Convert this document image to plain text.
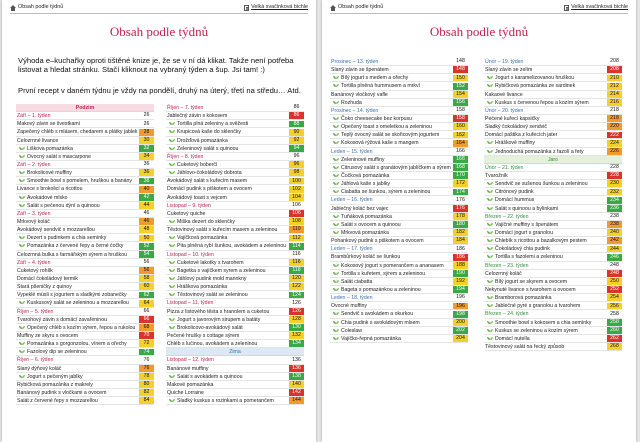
Obsah podle týdnů	Velká svačinková bichle
Obsah podle týdnů

Výhoda e–kuchařky oproti tištěné knize je, že se v ní dá klikat. Takže není potřeba listovat a hledat stránku. Stačí kliknout na vybraný týden a šup. Jsi tam! :)

První recept v daném týdnu je vždy na pondělí, druhý na úterý, třetí na středu… Atd.

Podzim
Září – 1. týden	26
Makový závin se švestkami	26
Zapečený chléb s mlásem, chedarem a plátky jablek	28
Celozrnné livance	30
Liškova pomazánka	32
Ovocný salát s mascarpone	34
Září – 2. týden	36
Brokolicové muffiny	36
Smoothie bowl s pomelem, hruškou a banány	38
Livance s brokolicí a ricottou	40
Avokádové mlsko	42
Salát s pečenou dýní a quinoou	44
Září – 3. týden	46
Mrkvový koláč	46
Avokádový sendvič s mozzarellou	48
Dezert s pudinkem a chia semínky	50
Pomazánka z červené řepy a černé čočky	52
Celozrnná bulka s farmářským sýrem a hruškou	54
Září – 4. týden	56
Cuketový rohlík	56
Domácí čokoládový termik	58
Stará pšeničky z quinoy	60
Vypeklé müsli s jogurtem a sladkými zobanečky	62
Kuskusový salát se zeleninou a mozzarellou	64
Říjen – 5. týden	66
Tvarohový závin s domácí zavařeninou	66
Opečený chléb s kozím sýrem, řepou a rukolou	68
Muffiny ze skyru s ovocem	70
Pomazánka s gorgonzolou, vínem a ořechy	72
Fazolový dip se zeleninou	74
Říjen – 6. týden	76
Slaný dýňový koláč	76
Jogurt s pečeným jablky	78
Rybičková pomazánka z makrely	80
Banánový pudink s vločkami a ovocem	82
Salát z červené řepy s mozzarellou	84
Říjen – 7. týden	86
Jablečný závin s kokosem	86
Tortilla plná zeleniny a svěžesti	88
Krupicová kaše do sklenčky	90
Drožďová pomazánka	92
Zeleninový salát s quinoou	94
Říjen – 8. týden	96
Cuketový boberčí	96
Jáhlovo-čokoládový dobrota	98
Avokádový salát s kuřecím masem	100
Domácí pudink s piškotem a ovocem	102
Avokádový toast s vejcem	104
Listopad – 9. týden	106
Cuketový quiche	106
Miška dezert do sklenčky	108
Těstovinový salát s kuřecím masem a zeleninou	110
Vajíčková pomazánka	112
Pita plněná rybí šunkou, avokádem a zeleninou	114
Listopad – 10. týden	116
Cuketové lakotky s tvarohem	116
Bagetka s vajíčkem syrem a zeleninou	118
Jáhlový pudink mold mannkny	120
Hráškova pomazánka	122
Těstovinový salát se zeleninou	124
Listopad – 11. týden	126
Pizza z listového těsta s hranolem a cuketou	126
Jogurt s javorovým sirupem a batáty	128
Brokolicovo-avokádový salát	130
Pečené hrušky s cottage sýrem	132
Chléb s lučinou, avokádem a zeleninou	134
Zima
Listopad – 12. týden	136
Banánové muffiny	136
Salát s avokádem a quinoou	138
Makové pomazánka	140
Quiche Lorraine	142
Sladký kuskus s rozinkami a pomerančem	144
Obsah podle týdnů	Velká svačinková bichle
Obsah podle týdnů
Prosinec – 13. týden	148
Slaný závin se špenátem	148
Bílý jogurt s medem a ořechy	150
Tortilla plněná hummusem a mrkví	152
Banánový vločkový vafle	154
Rozhuda	156
Prosinec – 14. týden	158
Čoko cheesecake bez korpusu	158
Opečený toast s omeletkou a zeleninou	160
Teplý ovocný salát se skořicovým jogurtem	162
Kokosová rýžová kaše s mangem	164
Leden – 15. týden	166
Zeleninové muffiny	166
Citrusový salát s granátovým jablíčkem a sýrem	168
Čočková pomazánka	170
Jáhlová kaše s jablky	172
Ciabatta se šunkou, sýrem a zeleninou	174
Leden – 16. týden	176
Jablečný koláč bez vajec	176
Tuňáková pomazánka	178
Salát s ovocem a quinoou	180
Mrkvová pomazánka	182
Pohankový pudink s piškotem a ovocem	184
Leden – 17. týden	186
Brambůrkový koláč se šunkou	186
Kokosový jogurt s pomerančem a ananasem	188
Tortilla s kuřetem, sýrem a zeleninou	190
Salát ciabatta	192
Bageta s pomazánkou a zeleninou	194
Leden – 18. týden	196
Ovocné muffiny	196
Sendvič s avokádem a okurkou	198
Chia pudink s avokádovým mlsem	200
Coleslaw	202
Vajíčko-řepná pomazánka	204
Únor – 19. týden	208
Slaný závin se zelím	208
Jogurt s karamelizovanou hruškou	210
Rybičková pomazánka ze sardinek	212
Kakaové livance	214
Kuskus s červenou řepou a kozím sýrem	216
Únor – 20. týden	218
Pečené kuřecí kapsičky	218
Sladký čokoládový sendvič	220
Domácí paštika z kuřecích jater	222
Hráškové muffiny	224
Jednoduchá pomazánka z fazolí a fety	226
Jaro
Únor – 21. týden	228
Tvarožník	228
Sendvič se sušenou šunkou a zeleninou	230
Citrónový pudink	232
Domácí hummus	234
Salát s quinoou a bylinkami	236
Březen – 22. týden	238
Vajíčné muffiny s špenátem	238
Domácí jogurt s granolou	240
Chlebík s ricottou a bazalkovým pestem	242
Čokoládový chia pudink	244
Tortilla s fazolemi a zeleninou	246
Březen – 23. týden	248
Celozrnný koláč	248
Bílý jogurt se skyrem a ovocem	250
Nekynuté livance s tvarohem a ovocem	252
Bramborová pomazánka	254
Jablečné pyré s granolou a tvarohem	256
Březen – 24. týden	258
Smoothie bowl s kokosem a chia semínky	258
Kuskus se zeleninou a kozím sýrem	260
Domácí nutella	262
Těstovinový salát na řecký způsob	268
